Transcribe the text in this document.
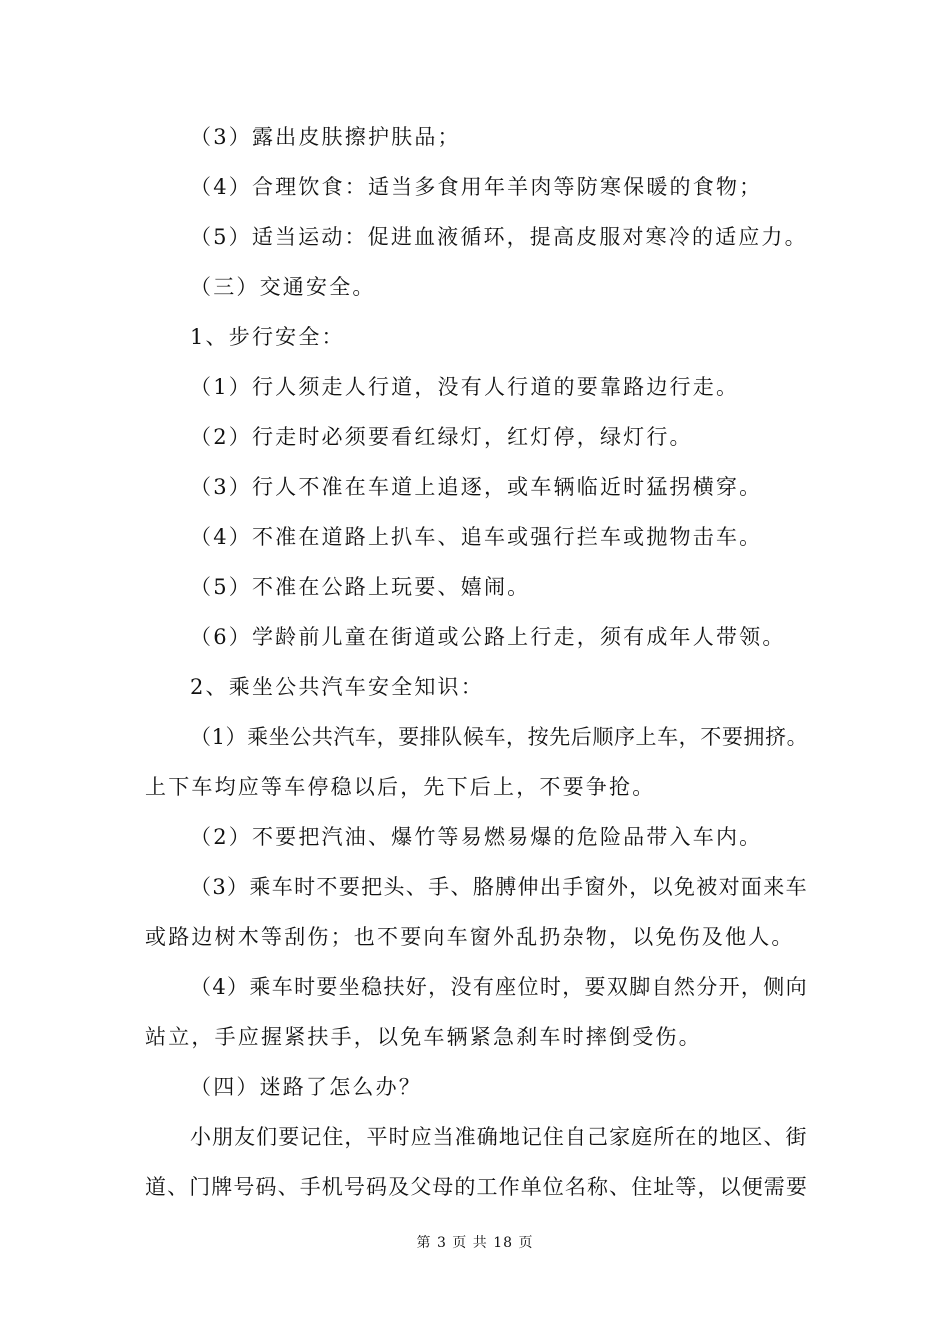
（3）露出皮肤擦护肤品；
（4）合理饮食：适当多食用年羊肉等防寒保暖的食物；
（5）适当运动：促进血液循环，提高皮服对寒冷的适应力。
（三）交通安全。
1、步行安全：
（1）行人须走人行道，没有人行道的要靠路边行走。
（2）行走时必须要看红绿灯，红灯停，绿灯行。
（3）行人不准在车道上追逐，或车辆临近时猛拐横穿。
（4）不准在道路上扒车、追车或强行拦车或抛物击车。
（5）不准在公路上玩要、嬉闹。
（6）学龄前儿童在街道或公路上行走，须有成年人带领。
2、乘坐公共汽车安全知识：
（1）乘坐公共汽车，要排队候车，按先后顺序上车，不要拥挤。
上下车均应等车停稳以后，先下后上，不要争抢。
（2）不要把汽油、爆竹等易燃易爆的危险品带入车内。
（3）乘车时不要把头、手、胳膊伸出手窗外，以免被对面来车
或路边树木等刮伤；也不要向车窗外乱扔杂物，以免伤及他人。
（4）乘车时要坐稳扶好，没有座位时，要双脚自然分开，侧向
站立，手应握紧扶手，以免车辆紧急刹车时摔倒受伤。
（四）迷路了怎么办？
小朋友们要记住，平时应当准确地记住自己家庭所在的地区、街
道、门牌号码、手机号码及父母的工作单位名称、住址等，以便需要
第 3 页 共 18 页
